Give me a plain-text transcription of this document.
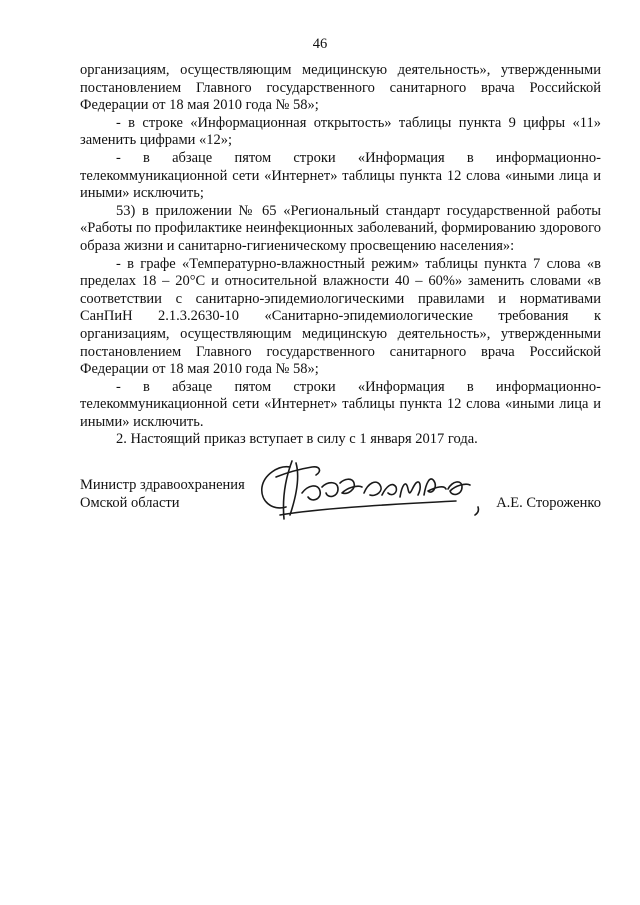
46

организациям, осуществляющим медицинскую деятельность», утвержденными постановлением Главного государственного санитарного врача Российской Федерации от 18 мая 2010 года № 58»;

- в строке «Информационная открытость» таблицы пункта 9 цифры «11» заменить цифрами «12»;

- в абзаце пятом строки «Информация в информационно-телекоммуникационной сети «Интернет» таблицы пункта 12 слова «иными лица и иными» исключить;

53) в приложении № 65 «Региональный стандарт государственной работы «Работы по профилактике неинфекционных заболеваний, формированию здорового образа жизни и санитарно-гигиеническому просвещению населения»:

- в графе «Температурно-влажностный режим» таблицы пункта 7 слова «в пределах 18 – 20°С и относительной влажности 40 – 60%» заменить словами «в соответствии с санитарно-эпидемиологическими правилами и нормативами СанПиН 2.1.3.2630-10 «Санитарно-эпидемиологические требования к организациям, осуществляющим медицинскую деятельность», утвержденными постановлением Главного государственного санитарного врача Российской Федерации от 18 мая 2010 года № 58»;

- в абзаце пятом строки «Информация в информационно-телекоммуникационной сети «Интернет» таблицы пункта 12 слова «иными лица и иными» исключить.

2. Настоящий приказ вступает в силу с 1 января 2017 года.

Министр здравоохранения
Омской области	А.Е. Стороженко
